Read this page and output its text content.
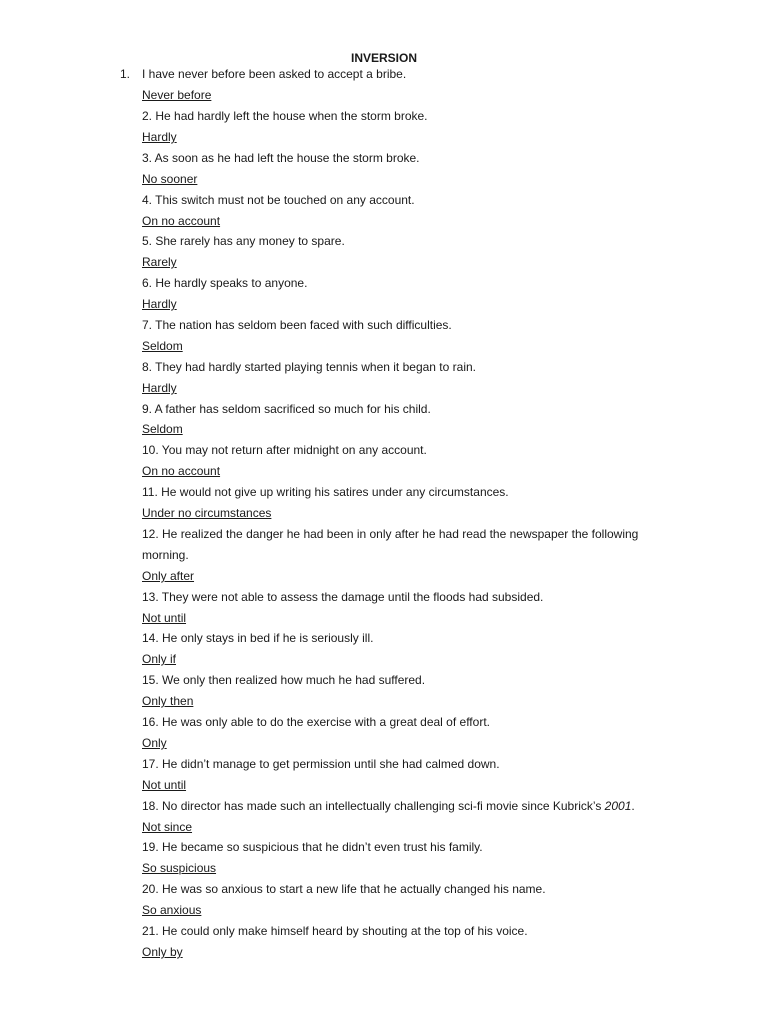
INVERSION
1. I have never before been asked to accept a bribe.
Never before
2. He had hardly left the house when the storm broke.
Hardly
3. As soon as he had left the house the storm broke.
No sooner
4. This switch must not be touched on any account.
On no account
5. She rarely has any money to spare.
Rarely
6. He hardly speaks to anyone.
Hardly
7. The nation has seldom been faced with such difficulties.
Seldom
8. They had hardly started playing tennis when it began to rain.
Hardly
9. A father has seldom sacrificed so much for his child.
Seldom
10. You may not return after midnight on any account.
On no account
11. He would not give up writing his satires under any circumstances.
Under no circumstances
12. He realized the danger he had been in only after he had read the newspaper the following
morning.
Only after
13. They were not able to assess the damage until the floods had subsided.
Not until
14. He only stays in bed if he is seriously ill.
Only if
15. We only then realized how much he had suffered.
Only then
16. He was only able to do the exercise with a great deal of effort.
Only
17. He didn’t manage to get permission until she had calmed down.
Not until
18. No director has made such an intellectually challenging sci-fi movie since Kubrick’s 2001.
Not since
19. He became so suspicious that he didn’t even trust his family.
So suspicious
20. He was so anxious to start a new life that he actually changed his name.
So anxious
21. He could only make himself heard by shouting at the top of his voice.
Only by
